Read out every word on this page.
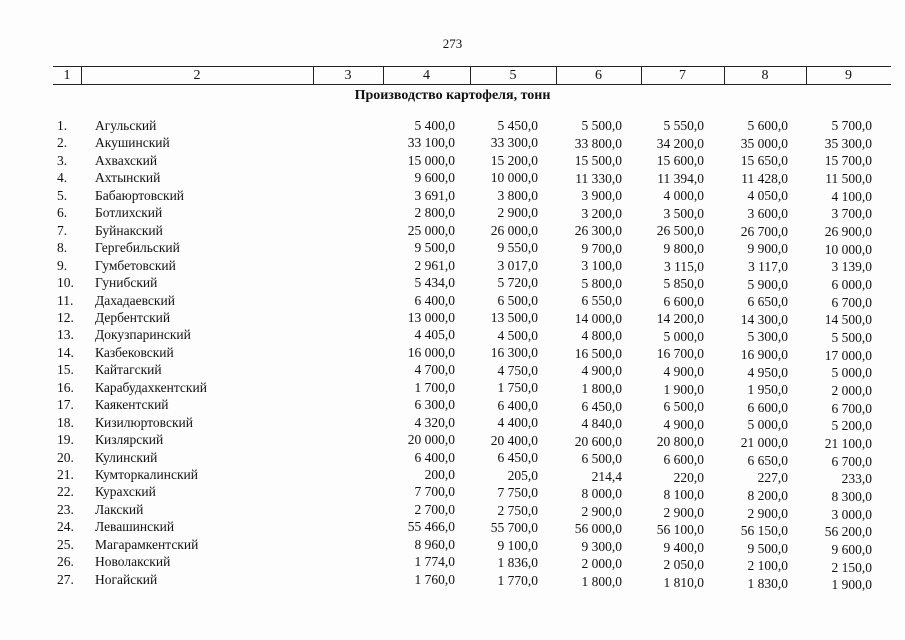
273
1	2	3	4	5	6	7	8	9
Производство картофеля, тонн
1.	Агульский	5 400,0	5 450,0	5 500,0	5 550,0	5 600,0	5 700,0
2.	Акушинский	33 100,0	33 300,0	33 800,0	34 200,0	35 000,0	35 300,0
3.	Ахвахский	15 000,0	15 200,0	15 500,0	15 600,0	15 650,0	15 700,0
4.	Ахтынский	9 600,0	10 000,0	11 330,0	11 394,0	11 428,0	11 500,0
5.	Бабаюртовский	3 691,0	3 800,0	3 900,0	4 000,0	4 050,0	4 100,0
6.	Ботлихский	2 800,0	2 900,0	3 200,0	3 500,0	3 600,0	3 700,0
7.	Буйнакский	25 000,0	26 000,0	26 300,0	26 500,0	26 700,0	26 900,0
8.	Гергебильский	9 500,0	9 550,0	9 700,0	9 800,0	9 900,0	10 000,0
9.	Гумбетовский	2 961,0	3 017,0	3 100,0	3 115,0	3 117,0	3 139,0
10.	Гунибский	5 434,0	5 720,0	5 800,0	5 850,0	5 900,0	6 000,0
11.	Дахадаевский	6 400,0	6 500,0	6 550,0	6 600,0	6 650,0	6 700,0
12.	Дербентский	13 000,0	13 500,0	14 000,0	14 200,0	14 300,0	14 500,0
13.	Докузпаринский	4 405,0	4 500,0	4 800,0	5 000,0	5 300,0	5 500,0
14.	Казбековский	16 000,0	16 300,0	16 500,0	16 700,0	16 900,0	17 000,0
15.	Кайтагский	4 700,0	4 750,0	4 900,0	4 900,0	4 950,0	5 000,0
16.	Карабудахкентский	1 700,0	1 750,0	1 800,0	1 900,0	1 950,0	2 000,0
17.	Каякентский	6 300,0	6 400,0	6 450,0	6 500,0	6 600,0	6 700,0
18.	Кизилюртовский	4 320,0	4 400,0	4 840,0	4 900,0	5 000,0	5 200,0
19.	Кизлярский	20 000,0	20 400,0	20 600,0	20 800,0	21 000,0	21 100,0
20.	Кулинский	6 400,0	6 450,0	6 500,0	6 600,0	6 650,0	6 700,0
21.	Кумторкалинский	200,0	205,0	214,4	220,0	227,0	233,0
22.	Курахский	7 700,0	7 750,0	8 000,0	8 100,0	8 200,0	8 300,0
23.	Лакский	2 700,0	2 750,0	2 900,0	2 900,0	2 900,0	3 000,0
24.	Левашинский	55 466,0	55 700,0	56 000,0	56 100,0	56 150,0	56 200,0
25.	Магарамкентский	8 960,0	9 100,0	9 300,0	9 400,0	9 500,0	9 600,0
26.	Новолакский	1 774,0	1 836,0	2 000,0	2 050,0	2 100,0	2 150,0
27.	Ногайский	1 760,0	1 770,0	1 800,0	1 810,0	1 830,0	1 900,0
